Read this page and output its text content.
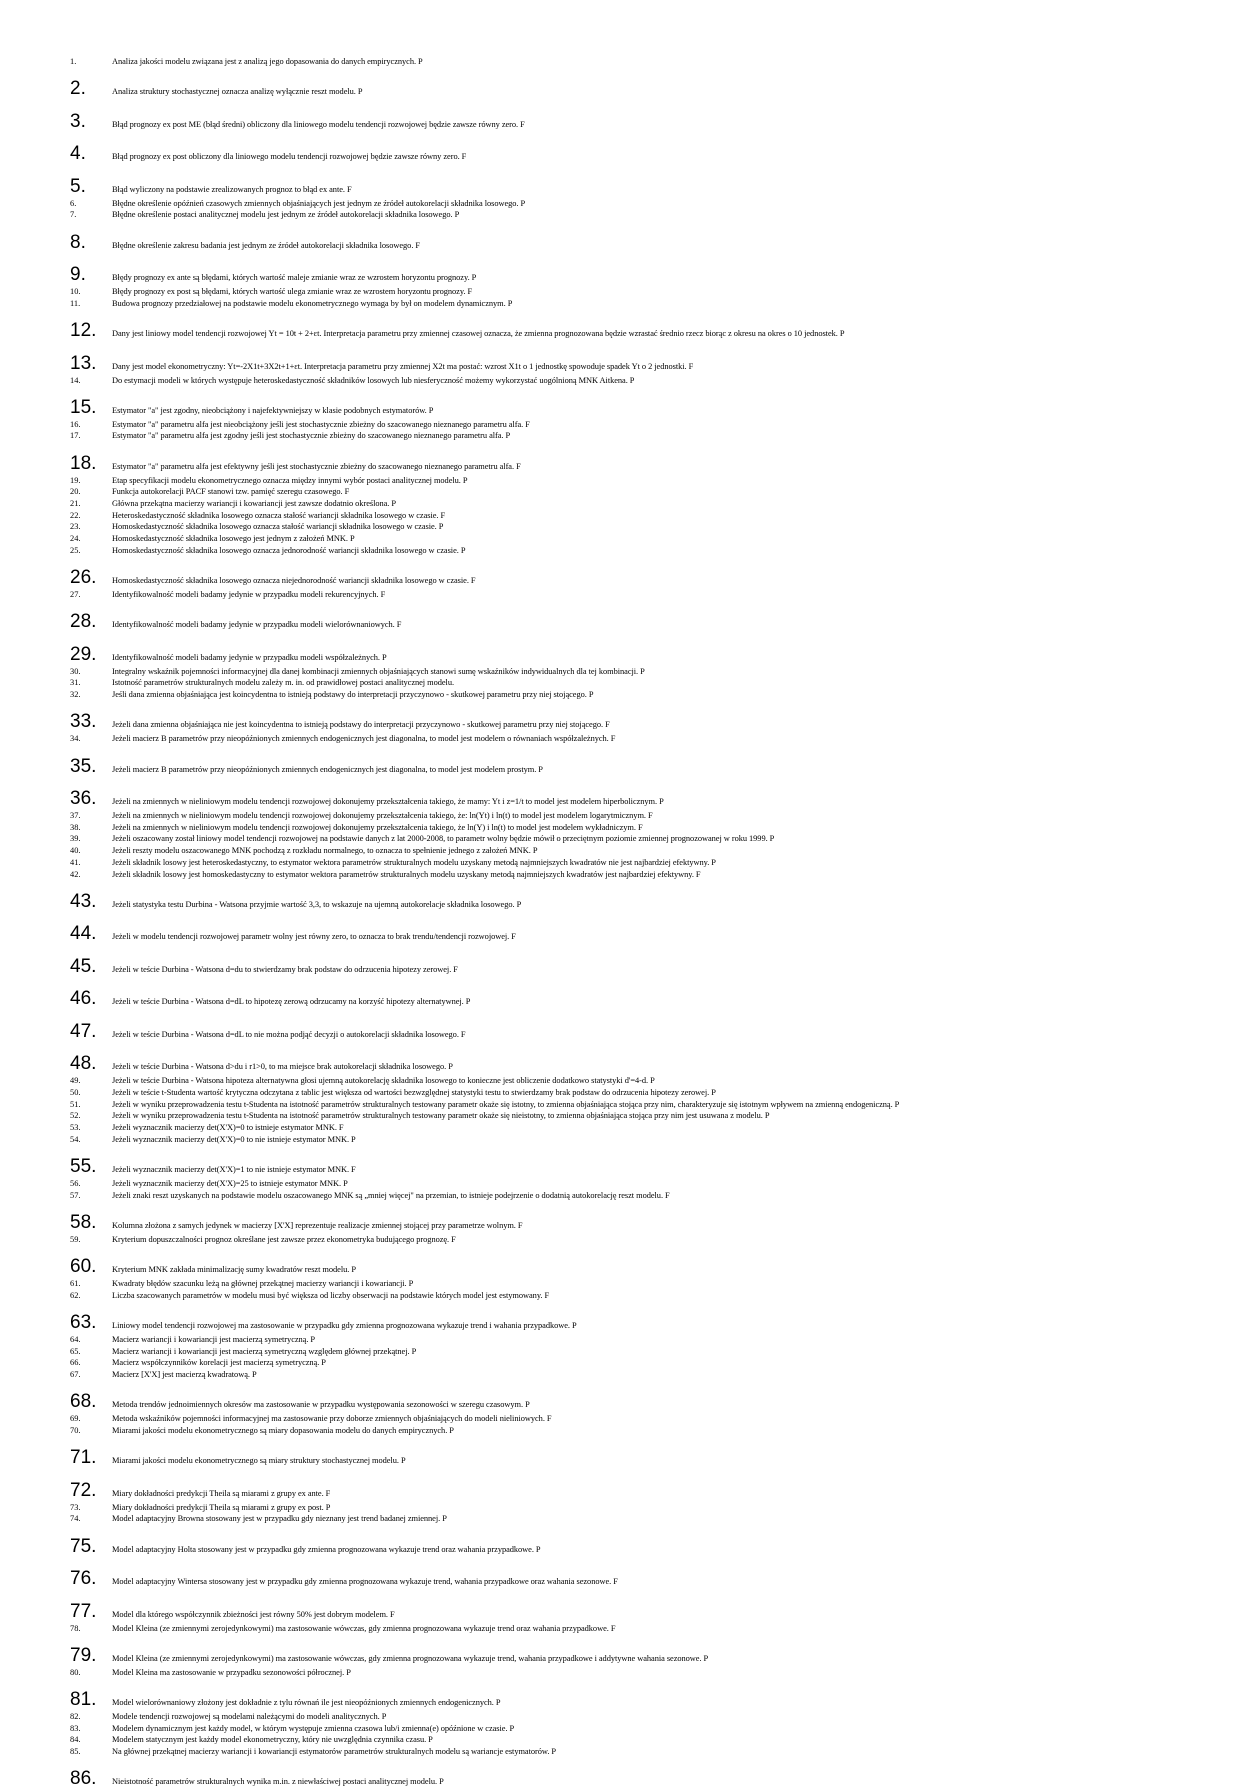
1.	Analiza jakości modelu związana jest z analizą jego dopasowania do danych empirycznych. P
2.	Analiza struktury stochastycznej oznacza analizę wyłącznie reszt modelu. P
3.	Błąd prognozy ex post ME (błąd średni) obliczony dla liniowego modelu tendencji rozwojowej będzie zawsze równy zero. F
4.	Błąd prognozy ex post obliczony dla liniowego modelu tendencji rozwojowej będzie zawsze równy zero. F
5.	Błąd wyliczony na podstawie zrealizowanych prognoz to błąd ex ante. F
6.	Błędne określenie opóźnień czasowych zmiennych objaśniających jest jednym ze źródeł autokorelacji składnika losowego. P
7.	Błędne określenie postaci analitycznej modelu jest jednym ze źródeł autokorelacji składnika losowego. P
8.	Błędne określenie zakresu badania jest jednym ze źródeł autokorelacji składnika losowego. F
9.	Błędy prognozy ex ante są błędami, których wartość maleje zmianie wraz ze wzrostem horyzontu prognozy. P
10.	Błędy prognozy ex post są błędami, których wartość ulega zmianie wraz ze wzrostem horyzontu prognozy. F
11.	Budowa prognozy przedziałowej na podstawie modelu ekonometrycznego wymaga by był on modelem dynamicznym. P
12.	Dany jest liniowy model tendencji rozwojowej Yt = 10t + 2+εt. Interpretacja parametru przy zmiennej czasowej oznacza, że zmienna prognozowana będzie wzrastać średnio rzecz biorąc z okresu na okres o 10 jednostek. P
13.	Dany jest model ekonometryczny: Yt=-2X1t+3X2t+1+εt. Interpretacja parametru przy zmiennej X2t ma postać: wzrost X1t o 1 jednostkę spowoduje spadek Yt o 2 jednostki. F
14.	Do estymacji modeli w których występuje heteroskedastyczność składników losowych lub niesferyczność możemy wykorzystać uogólnioną MNK Aitkena. P
15.	Estymator "a" jest zgodny, nieobciążony i najefektywniejszy w klasie podobnych estymatorów. P
16.	Estymator "a" parametru alfa jest nieobciążony jeśli jest stochastycznie zbieżny do szacowanego nieznanego parametru alfa. F
17.	Estymator "a" parametru alfa jest zgodny jeśli jest stochastycznie zbieżny do szacowanego nieznanego parametru alfa. P
18.	Estymator "a" parametru alfa jest efektywny jeśli jest stochastycznie zbieżny do szacowanego nieznanego parametru alfa. F
19.	Etap specyfikacji modelu ekonometrycznego oznacza między innymi wybór postaci analitycznej modelu. P
20.	Funkcja autokorelacji PACF stanowi tzw. pamięć szeregu czasowego. F
21.	Główna przekątna macierzy wariancji i kowariancji jest zawsze dodatnio określona. P
22.	Heteroskedastyczność składnika losowego oznacza stałość wariancji składnika losowego w czasie. F
23.	Homoskedastyczność składnika losowego oznacza stałość wariancji składnika losowego w czasie. P
24.	Homoskedastyczność składnika losowego jest jednym z założeń MNK. P
25.	Homoskedastyczność składnika losowego oznacza jednorodność wariancji składnika losowego w czasie. P
26.	Homoskedastyczność składnika losowego oznacza niejednorodność wariancji składnika losowego w czasie. F
27.	Identyfikowalność modeli badamy jedynie w przypadku modeli rekurencyjnych. F
28.	Identyfikowalność modeli badamy jedynie w przypadku modeli wielorównaniowych. F
29.	Identyfikowalność modeli badamy jedynie w przypadku modeli współzależnych. P
30.	Integralny wskaźnik pojemności informacyjnej dla danej kombinacji zmiennych objaśniających stanowi sumę wskaźników indywidualnych dla tej kombinacji. P
31.	Istotność parametrów strukturalnych modelu zależy m. in. od prawidłowej postaci analitycznej modelu.
32.	Jeśli dana zmienna objaśniająca jest koincydentna to istnieją podstawy do interpretacji przyczynowo - skutkowej parametru przy niej stojącego. P
33.	Jeżeli dana zmienna objaśniająca nie jest koincydentna to istnieją podstawy do interpretacji przyczynowo - skutkowej parametru przy niej stojącego. F
34.	Jeżeli macierz B parametrów przy nieopóźnionych zmiennych endogenicznych jest diagonalna, to model jest modelem o równaniach współzależnych. F
35.	Jeżeli macierz B parametrów przy nieopóźnionych zmiennych endogenicznych jest diagonalna, to model jest modelem prostym. P
36.	Jeżeli na zmiennych w nieliniowym modelu tendencji rozwojowej dokonujemy przekształcenia takiego, że mamy: Yt i z=1/t to model jest modelem hiperbolicznym. P
37.	Jeżeli na zmiennych w nieliniowym modelu tendencji rozwojowej dokonujemy przekształcenia takiego, że: ln(Yt) i ln(t) to model jest modelem logarytmicznym. F
38.	Jeżeli na zmiennych w nieliniowym modelu tendencji rozwojowej dokonujemy przekształcenia takiego, że ln(Y) i ln(t) to model jest modelem wykładniczym. F
39.	Jeżeli oszacowany został liniowy model tendencji rozwojowej na podstawie danych z lat 2000-2008, to parametr wolny będzie mówił o przeciętnym poziomie zmiennej prognozowanej w roku 1999. P
40.	Jeżeli reszty modelu oszacowanego MNK pochodzą z rozkładu normalnego, to oznacza to spełnienie jednego z założeń MNK. P
41.	Jeżeli składnik losowy jest heteroskedastyczny, to estymator wektora parametrów strukturalnych modelu uzyskany metodą najmniejszych kwadratów nie jest najbardziej efektywny. P
42.	Jeżeli składnik losowy jest homoskedastyczny to estymator wektora parametrów strukturalnych modelu uzyskany metodą najmniejszych kwadratów jest najbardziej efektywny. F
43.	Jeżeli statystyka testu Durbina - Watsona przyjmie wartość 3,3, to wskazuje na ujemną autokorelacje składnika losowego. P
44.	Jeżeli w modelu tendencji rozwojowej parametr wolny jest równy zero, to oznacza to brak trendu/tendencji rozwojowej. F
45.	Jeżeli w teście Durbina - Watsona d=du to stwierdzamy brak podstaw do odrzucenia hipotezy zerowej. F
46.	Jeżeli w teście Durbina - Watsona d=dL to hipotezę zerową odrzucamy na korzyść hipotezy alternatywnej. P
47.	Jeżeli w teście Durbina - Watsona d=dL to nie można podjąć decyzji o autokorelacji składnika losowego. F
48.	Jeżeli w teście Durbina - Watsona d>du i r1>0, to ma miejsce brak autokorelacji składnika losowego. P
49.	Jeżeli w teście Durbina - Watsona hipoteza alternatywna głosi ujemną autokorelację składnika losowego to konieczne jest obliczenie dodatkowo statystyki d'=4-d. P
50.	Jeżeli w teście t-Studenta wartość krytyczna odczytana z tablic jest większa od wartości bezwzględnej statystyki testu to stwierdzamy brak podstaw do odrzucenia hipotezy zerowej. P
51.	Jeżeli w wyniku przeprowadzenia testu t-Studenta na istotność parametrów strukturalnych testowany parametr okaże się istotny, to zmienna objaśniająca stojąca przy nim, charakteryzuje się istotnym wpływem na zmienną endogeniczną. P
52.	Jeżeli w wyniku przeprowadzenia testu t-Studenta na istotność parametrów strukturalnych testowany parametr okaże się nieistotny, to zmienna objaśniająca stojąca przy nim jest usuwana z modelu. P
53.	Jeżeli wyznacznik macierzy det(X'X)=0 to istnieje estymator MNK. F
54.	Jeżeli wyznacznik macierzy det(X'X)=0 to nie istnieje estymator MNK. P
55.	Jeżeli wyznacznik macierzy det(X'X)=1 to nie istnieje estymator MNK. F
56.	Jeżeli wyznacznik macierzy det(X'X)=25 to istnieje estymator MNK. P
57.	Jeżeli znaki reszt uzyskanych na podstawie modelu oszacowanego MNK są „mniej więcej" na przemian, to istnieje podejrzenie o dodatnią autokorelację reszt modelu. F
58.	Kolumna złożona z samych jedynek w macierzy [X'X] reprezentuje realizacje zmiennej stojącej przy parametrze wolnym. F
59.	Kryterium dopuszczalności prognoz określane jest zawsze przez ekonometryka budującego prognozę. F
60.	Kryterium MNK zakłada minimalizację sumy kwadratów reszt modelu. P
61.	Kwadraty błędów szacunku leżą na głównej przekątnej macierzy wariancji i kowariancji. P
62.	Liczba szacowanych parametrów w modelu musi być większa od liczby obserwacji na podstawie których model jest estymowany. F
63.	Liniowy model tendencji rozwojowej ma zastosowanie w przypadku gdy zmienna prognozowana wykazuje trend i wahania przypadkowe. P
64.	Macierz wariancji i kowariancji jest macierzą symetryczną. P
65.	Macierz wariancji i kowariancji jest macierzą symetryczną względem głównej przekątnej. P
66.	Macierz współczynników korelacji jest macierzą symetryczną. P
67.	Macierz [X'X] jest macierzą kwadratową. P
68.	Metoda trendów jednoimiennych okresów ma zastosowanie w przypadku występowania sezonowości w szeregu czasowym. P
69.	Metoda wskaźników pojemności informacyjnej ma zastosowanie przy doborze zmiennych objaśniających do modeli nieliniowych. F
70.	Miarami jakości modelu ekonometrycznego są miary dopasowania modelu do danych empirycznych. P
71.	Miarami jakości modelu ekonometrycznego są miary struktury stochastycznej modelu. P
72.	Miary dokładności predykcji Theila są miarami z grupy ex ante. F
73.	Miary dokładności predykcji Theila są miarami z grupy ex post. P
74.	Model adaptacyjny Browna stosowany jest w przypadku gdy nieznany jest trend badanej zmiennej. P
75.	Model adaptacyjny Holta stosowany jest w przypadku gdy zmienna prognozowana wykazuje trend oraz wahania przypadkowe. P
76.	Model adaptacyjny Wintersa stosowany jest w przypadku gdy zmienna prognozowana wykazuje trend, wahania przypadkowe oraz wahania sezonowe. F
77.	Model dla którego współczynnik zbieżności jest równy 50% jest dobrym modelem. F
78.	Model Kleina (ze zmiennymi zerojedynkowymi) ma zastosowanie wówczas, gdy zmienna prognozowana wykazuje trend oraz wahania przypadkowe. F
79.	Model Kleina (ze zmiennymi zerojedynkowymi) ma zastosowanie wówczas, gdy zmienna prognozowana wykazuje trend, wahania przypadkowe i addytywne wahania sezonowe. P
80.	Model Kleina ma zastosowanie w przypadku sezonowości półrocznej. P
81.	Model wielorównaniowy złożony jest dokładnie z tylu równań ile jest nieopóźnionych zmiennych endogenicznych. P
82.	Modele tendencji rozwojowej są modelami należącymi do modeli analitycznych. P
83.	Modelem dynamicznym jest każdy model, w którym występuje zmienna czasowa lub/i zmienna(e) opóźnione w czasie. P
84.	Modelem statycznym jest każdy model ekonometryczny, który nie uwzględnia czynnika czasu. P
85.	Na głównej przekątnej macierzy wariancji i kowariancji estymatorów parametrów strukturalnych modelu są wariancje estymatorów. P
86.	Nieistotność parametrów strukturalnych wynika m.in. z niewłaściwej postaci analitycznej modelu. P
